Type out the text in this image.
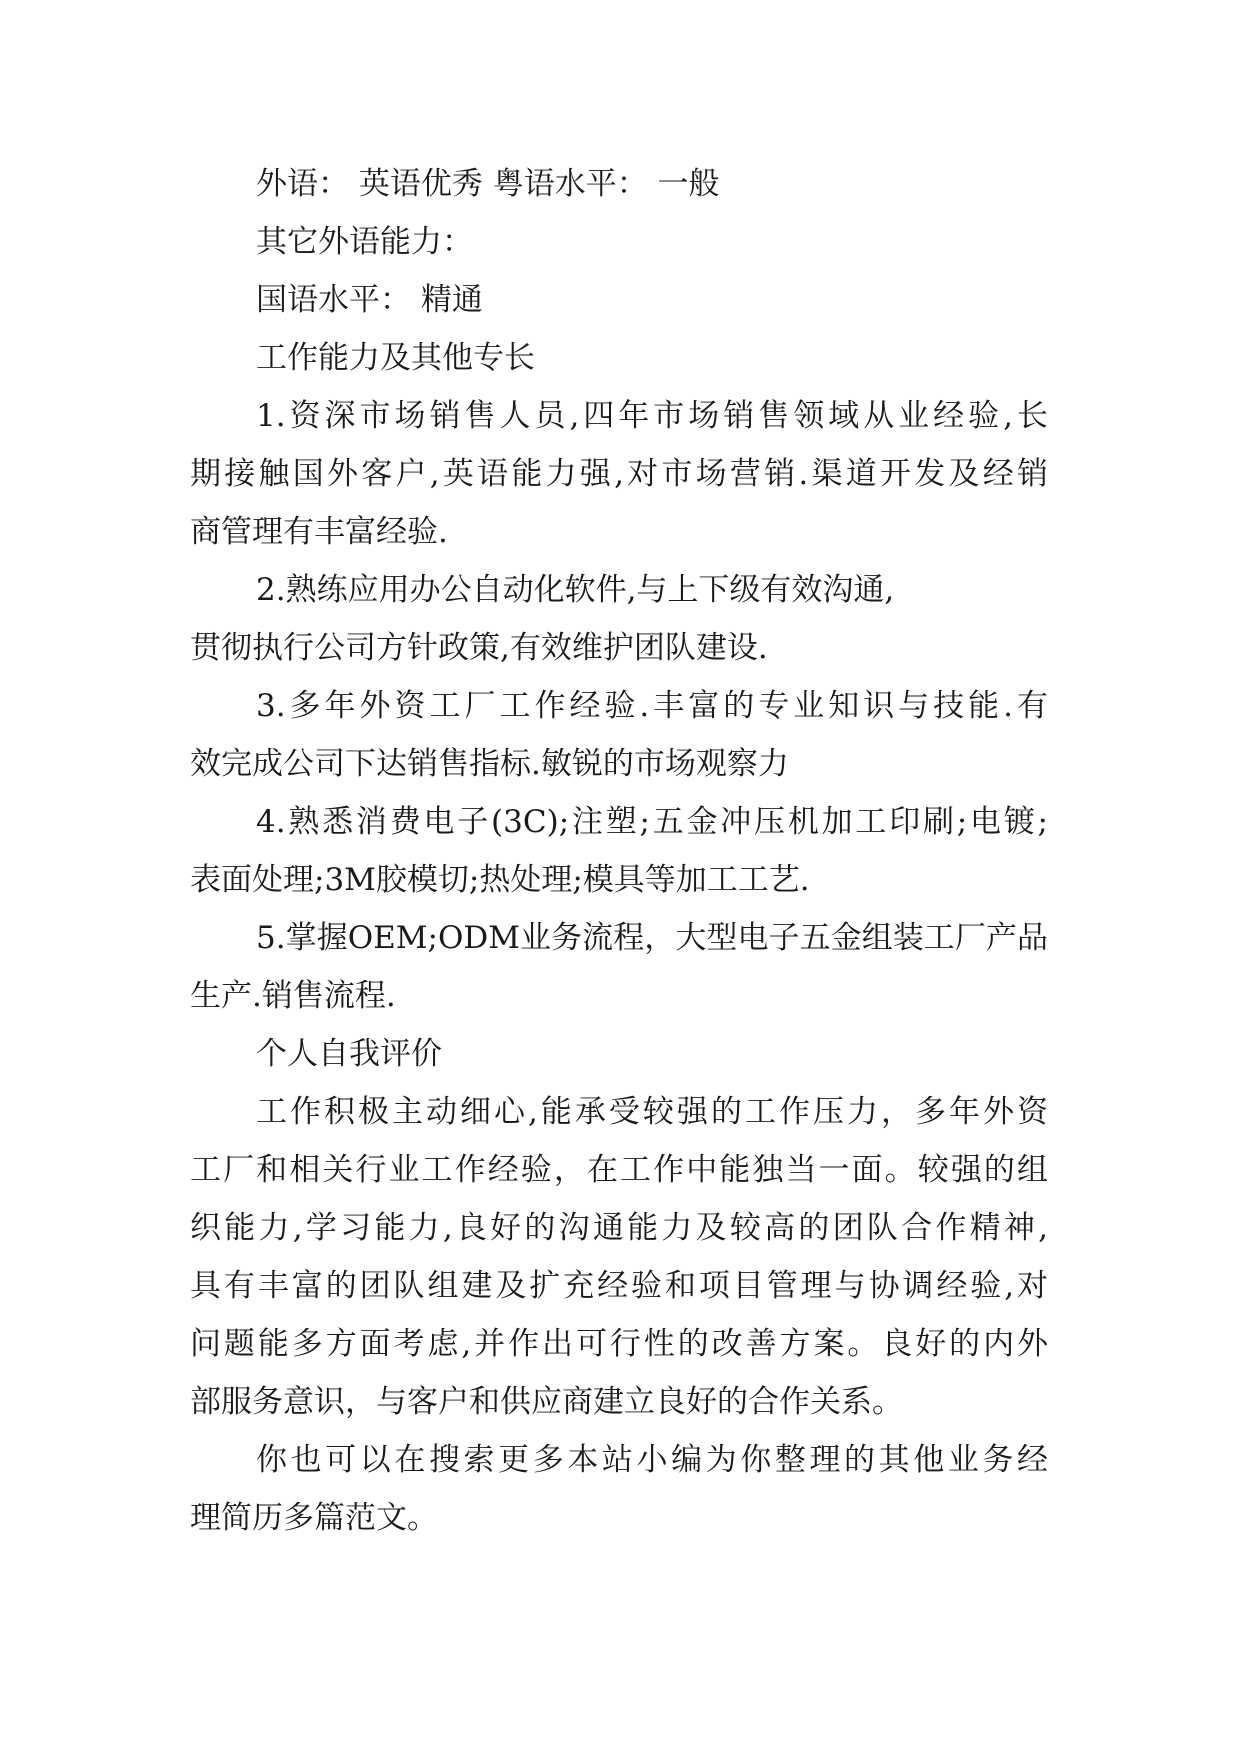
外语： 英语优秀 粤语水平： 一般
其它外语能力：
国语水平： 精通
工作能力及其他专长
1.资深市场销售人员,四年市场销售领域从业经验,长
期接触国外客户,英语能力强,对市场营销.渠道开发及经销
商管理有丰富经验.
2.熟练应用办公自动化软件,与上下级有效沟通,
贯彻执行公司方针政策,有效维护团队建设.
3.多年外资工厂工作经验.丰富的专业知识与技能.有
效完成公司下达销售指标.敏锐的市场观察力
4.熟悉消费电子(3C);注塑;五金冲压机加工印刷;电镀;
表面处理;3M胶模切;热处理;模具等加工工艺.
5.掌握OEM;ODM业务流程，大型电子五金组装工厂产品
生产.销售流程.
个人自我评价
工作积极主动细心,能承受较强的工作压力，多年外资
工厂和相关行业工作经验，在工作中能独当一面。较强的组
织能力,学习能力,良好的沟通能力及较高的团队合作精神,
具有丰富的团队组建及扩充经验和项目管理与协调经验,对
问题能多方面考虑,并作出可行性的改善方案。良好的内外
部服务意识，与客户和供应商建立良好的合作关系。
你也可以在搜索更多本站小编为你整理的其他业务经
理简历多篇范文。
